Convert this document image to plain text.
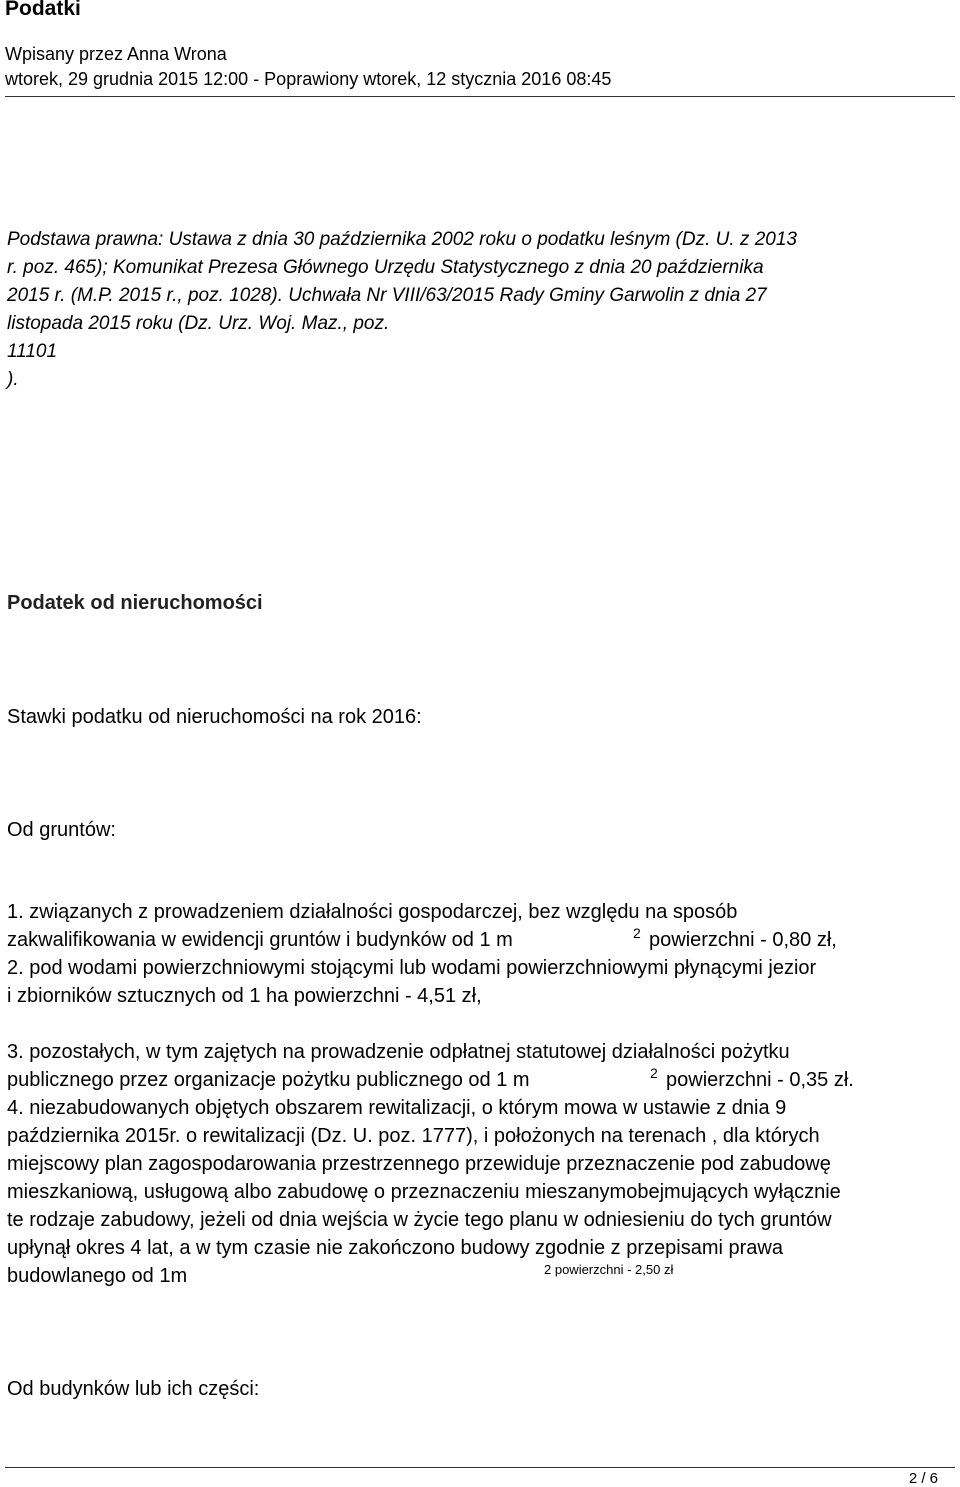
Podatki
Wpisany przez Anna Wrona
wtorek, 29 grudnia 2015 12:00 - Poprawiony wtorek, 12 stycznia 2016 08:45
Podstawa prawna: Ustawa z dnia 30 października 2002 roku o podatku leśnym (Dz. U. z 2013
r. poz. 465); Komunikat Prezesa Głównego Urzędu Statystycznego z dnia 20 października
2015 r. (M.P. 2015 r., poz. 1028). Uchwała Nr VIII/63/2015 Rady Gminy Garwolin z dnia 27
listopada 2015 roku (Dz. Urz. Woj. Maz., poz.
11101
).
Podatek od nieruchomości
Stawki podatku od nieruchomości na rok 2016:
Od gruntów:
1. związanych z prowadzeniem działalności gospodarczej, bez względu na sposób
zakwalifikowania w ewidencji gruntów i budynków od 1 m	2 powierzchni - 0,80 zł,
2. pod wodami powierzchniowymi stojącymi lub wodami powierzchniowymi płynącymi jezior
i zbiorników sztucznych od 1 ha powierzchni - 4,51 zł,
3. pozostałych, w tym zajętych na prowadzenie odpłatnej statutowej działalności pożytku
publicznego przez organizacje pożytku publicznego od 1 m	2 powierzchni - 0,35 zł.
4. niezabudowanych objętych obszarem rewitalizacji, o którym mowa w ustawie z dnia 9
października 2015r. o rewitalizacji (Dz. U. poz. 1777), i położonych na terenach , dla których
miejscowy plan zagospodarowania przestrzennego przewiduje przeznaczenie pod zabudowę
mieszkaniową, usługową albo zabudowę o przeznaczeniu mieszanymobejmujących wyłącznie
te rodzaje zabudowy, jeżeli od dnia wejścia w życie tego planu w odniesieniu do tych gruntów
upłynął okres 4 lat, a w tym czasie nie zakończono budowy zgodnie z przepisami prawa
budowlanego od 1m	2 powierzchni - 2,50 zł
Od budynków lub ich części:
2 / 6
